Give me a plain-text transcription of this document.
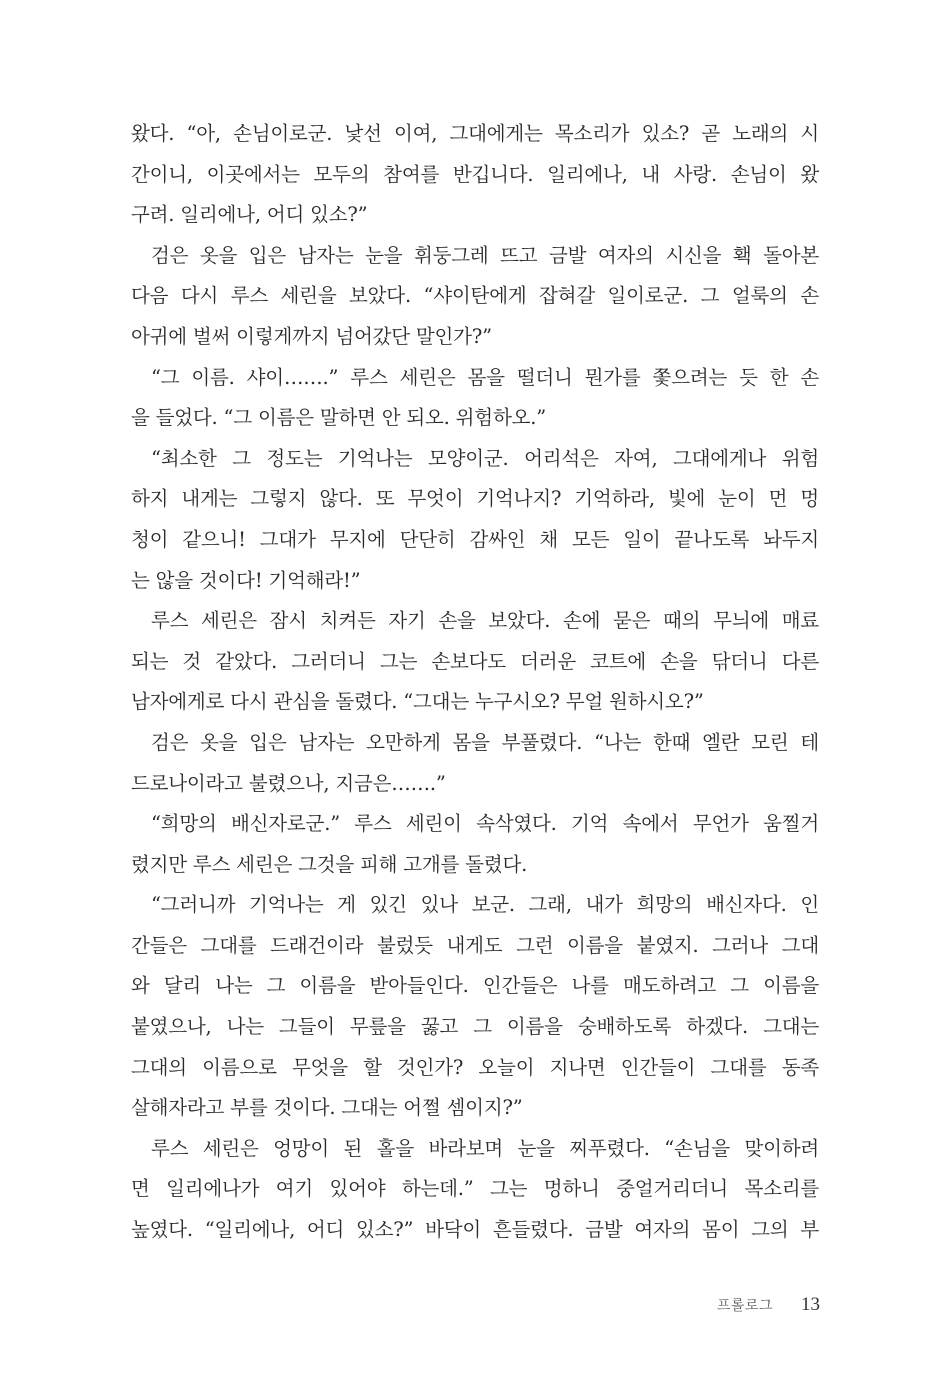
왔다. “아, 손님이로군. 낯선 이여, 그대에게는 목소리가 있소? 곧 노래의 시
간이니, 이곳에서는 모두의 참여를 반깁니다. 일리에나, 내 사랑. 손님이 왔
구려. 일리에나, 어디 있소?”
검은 옷을 입은 남자는 눈을 휘둥그레 뜨고 금발 여자의 시신을 홱 돌아본
다음 다시 루스 세린을 보았다. “샤이탄에게 잡혀갈 일이로군. 그 얼룩의 손
아귀에 벌써 이렇게까지 넘어갔단 말인가?”
“그 이름. 샤이…….” 루스 세린은 몸을 떨더니 뭔가를 쫓으려는 듯 한 손
을 들었다. “그 이름은 말하면 안 되오. 위험하오.”
“최소한 그 정도는 기억나는 모양이군. 어리석은 자여, 그대에게나 위험
하지 내게는 그렇지 않다. 또 무엇이 기억나지? 기억하라, 빛에 눈이 먼 멍
청이 같으니! 그대가 무지에 단단히 감싸인 채 모든 일이 끝나도록 놔두지
는 않을 것이다! 기억해라!”
루스 세린은 잠시 치켜든 자기 손을 보았다. 손에 묻은 때의 무늬에 매료
되는 것 같았다. 그러더니 그는 손보다도 더러운 코트에 손을 닦더니 다른
남자에게로 다시 관심을 돌렸다. “그대는 누구시오? 무얼 원하시오?”
검은 옷을 입은 남자는 오만하게 몸을 부풀렸다. “나는 한때 엘란 모린 테
드로나이라고 불렸으나, 지금은…….”
“희망의 배신자로군.” 루스 세린이 속삭였다. 기억 속에서 무언가 움찔거
렸지만 루스 세린은 그것을 피해 고개를 돌렸다.
“그러니까 기억나는 게 있긴 있나 보군. 그래, 내가 희망의 배신자다. 인
간들은 그대를 드래건이라 불렀듯 내게도 그런 이름을 붙였지. 그러나 그대
와 달리 나는 그 이름을 받아들인다. 인간들은 나를 매도하려고 그 이름을
붙였으나, 나는 그들이 무릎을 꿇고 그 이름을 숭배하도록 하겠다. 그대는
그대의 이름으로 무엇을 할 것인가? 오늘이 지나면 인간들이 그대를 동족
살해자라고 부를 것이다. 그대는 어쩔 셈이지?”
루스 세린은 엉망이 된 홀을 바라보며 눈을 찌푸렸다. “손님을 맞이하려
면 일리에나가 여기 있어야 하는데.” 그는 멍하니 중얼거리더니 목소리를
높였다. “일리에나, 어디 있소?” 바닥이 흔들렸다. 금발 여자의 몸이 그의 부
프롤로그 13
